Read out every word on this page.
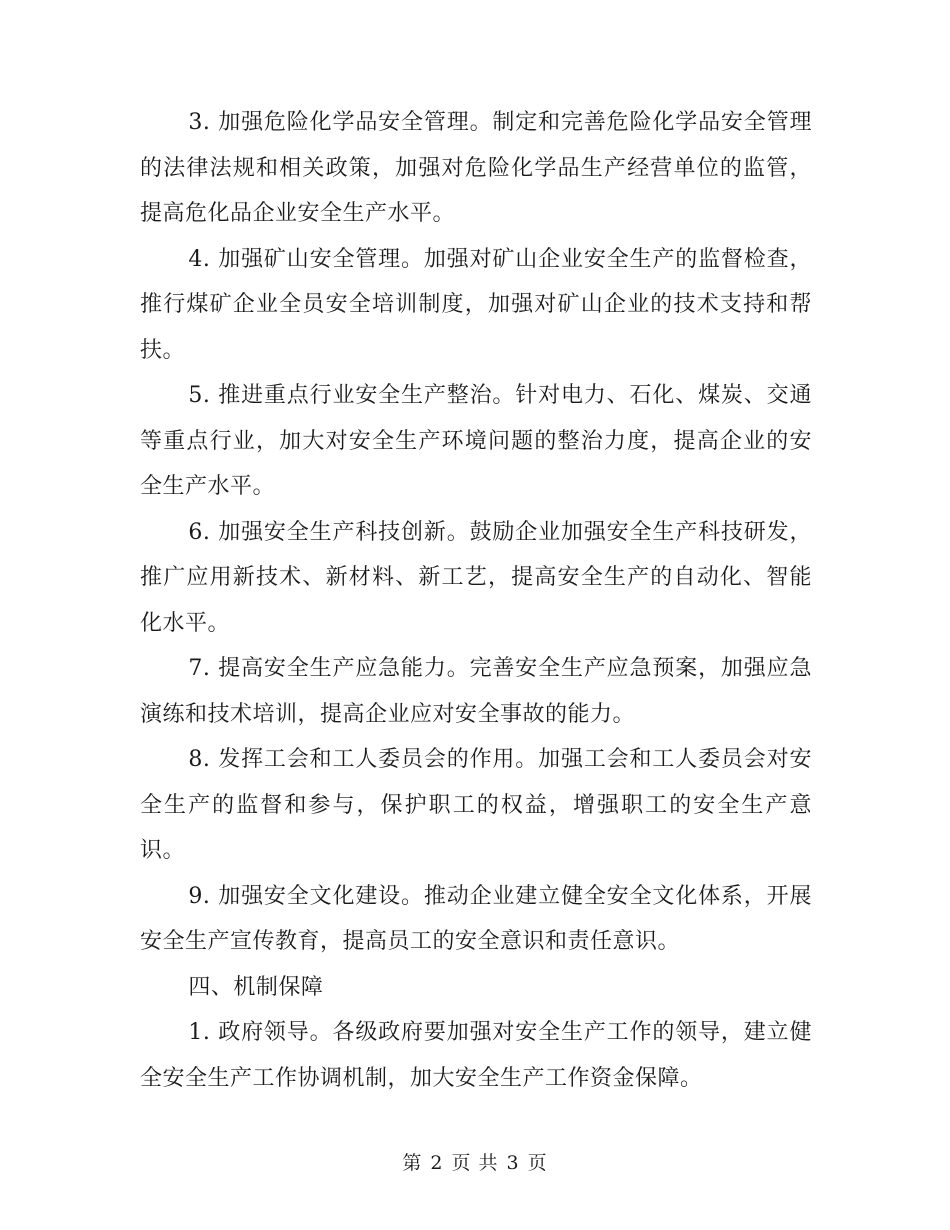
3. 加强危险化学品安全管理。制定和完善危险化学品安全管理的法律法规和相关政策，加强对危险化学品生产经营单位的监管，提高危化品企业安全生产水平。

4. 加强矿山安全管理。加强对矿山企业安全生产的监督检查，推行煤矿企业全员安全培训制度，加强对矿山企业的技术支持和帮扶。

5. 推进重点行业安全生产整治。针对电力、石化、煤炭、交通等重点行业，加大对安全生产环境问题的整治力度，提高企业的安全生产水平。

6. 加强安全生产科技创新。鼓励企业加强安全生产科技研发，推广应用新技术、新材料、新工艺，提高安全生产的自动化、智能化水平。

7. 提高安全生产应急能力。完善安全生产应急预案，加强应急演练和技术培训，提高企业应对安全事故的能力。

8. 发挥工会和工人委员会的作用。加强工会和工人委员会对安全生产的监督和参与，保护职工的权益，增强职工的安全生产意识。

9. 加强安全文化建设。推动企业建立健全安全文化体系，开展安全生产宣传教育，提高员工的安全意识和责任意识。

四、机制保障

1. 政府领导。各级政府要加强对安全生产工作的领导，建立健全安全生产工作协调机制，加大安全生产工作资金保障。

第 2 页 共 3 页
